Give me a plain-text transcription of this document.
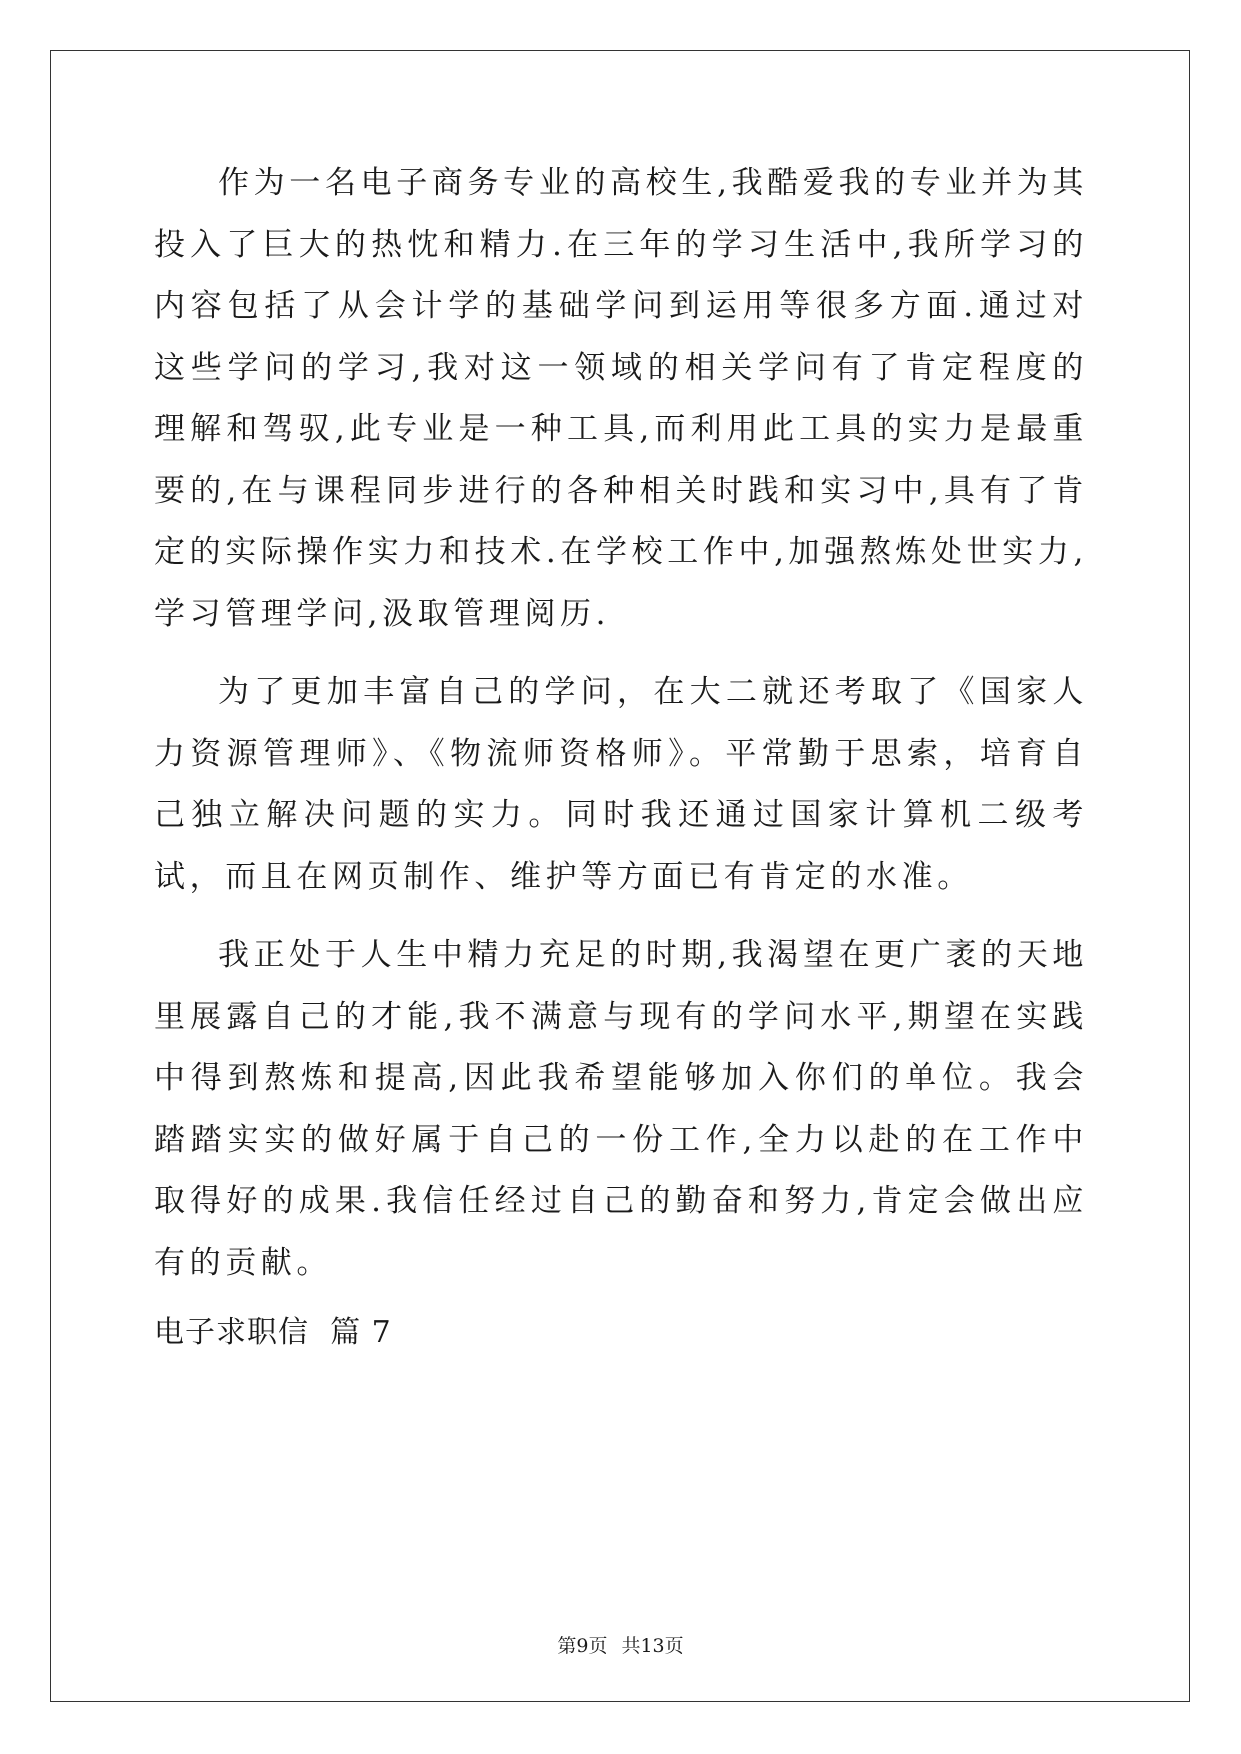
作为一名电子商务专业的高校生,我酷爱我的专业并为其投入了巨大的热忱和精力.在三年的学习生活中,我所学习的内容包括了从会计学的基础学问到运用等很多方面.通过对这些学问的学习,我对这一领域的相关学问有了肯定程度的理解和驾驭,此专业是一种工具,而利用此工具的实力是最重要的,在与课程同步进行的各种相关时践和实习中,具有了肯定的实际操作实力和技术.在学校工作中,加强熬炼处世实力,学习管理学问,汲取管理阅历.

为了更加丰富自己的学问，在大二就还考取了《国家人力资源管理师》、《物流师资格师》。平常勤于思索，培育自己独立解决问题的实力。同时我还通过国家计算机二级考试，而且在网页制作、维护等方面已有肯定的水准。

我正处于人生中精力充足的时期,我渴望在更广袤的天地里展露自己的才能,我不满意与现有的学问水平,期望在实践中得到熬炼和提高,因此我希望能够加入你们的单位。我会踏踏实实的做好属于自己的一份工作,全力以赴的在工作中取得好的成果.我信任经过自己的勤奋和努力,肯定会做出应有的贡献。

电子求职信  篇 7

第9页 共13页
